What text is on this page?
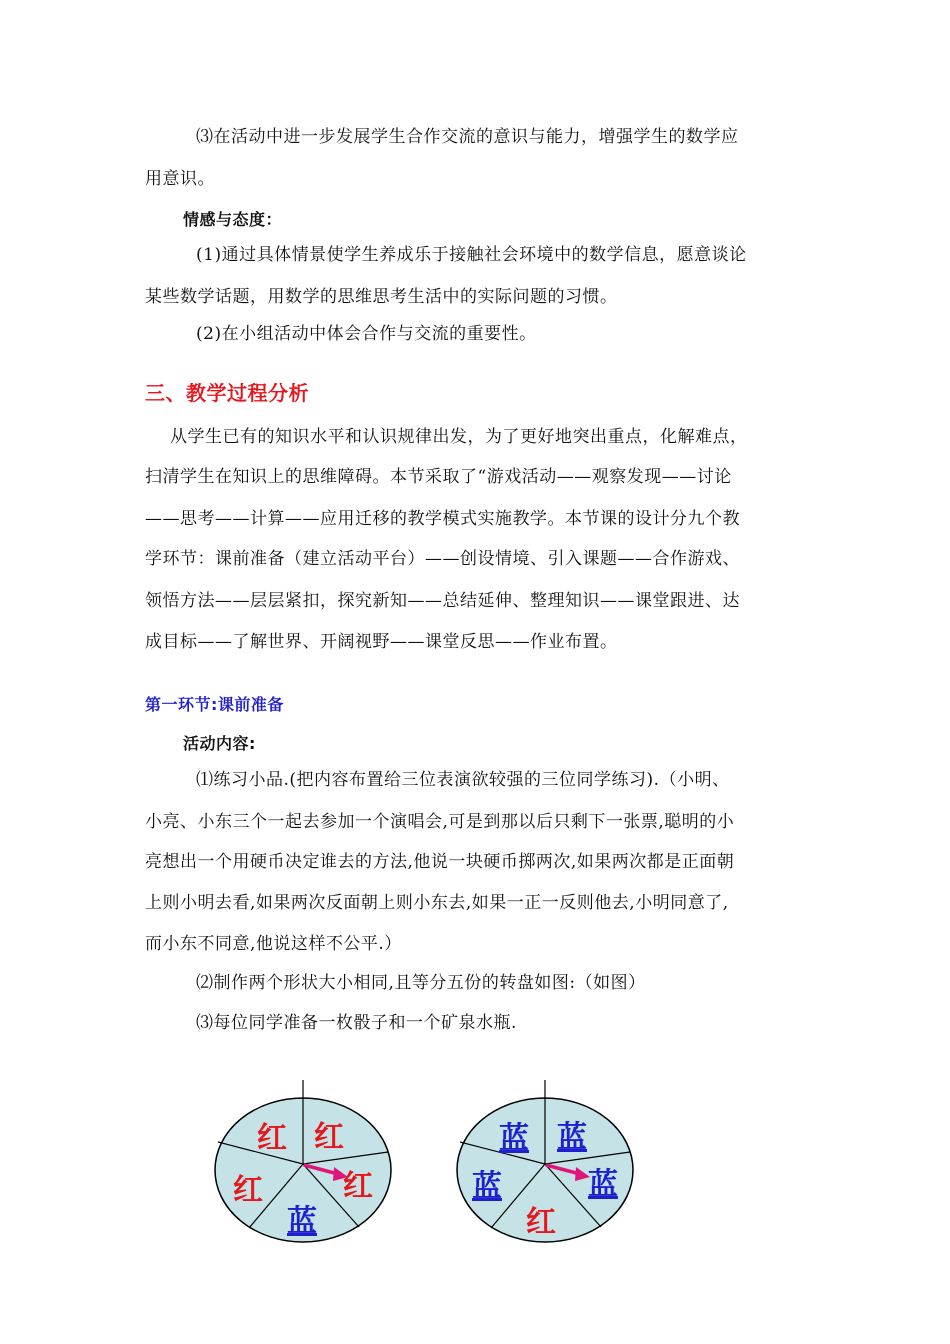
⑶在活动中进一步发展学生合作交流的意识与能力，增强学生的数学应
用意识。
情感与态度：
(1)通过具体情景使学生养成乐于接触社会环境中的数学信息，愿意谈论
某些数学话题，用数学的思维思考生活中的实际问题的习惯。
(2)在小组活动中体会合作与交流的重要性。
三、教学过程分析
从学生已有的知识水平和认识规律出发，为了更好地突出重点，化解难点，
扫清学生在知识上的思维障碍。本节采取了“游戏活动——观察发现——讨论
——思考——计算——应用迁移的教学模式实施教学。本节课的设计分九个教
学环节：课前准备（建立活动平台）——创设情境、引入课题——合作游戏、
领悟方法——层层紧扣，探究新知——总结延伸、整理知识——课堂跟进、达
成目标——了解世界、开阔视野——课堂反思——作业布置。
第一环节:课前准备
活动内容:
⑴练习小品.(把内容布置给三位表演欲较强的三位同学练习).（小明、
小亮、小东三个一起去参加一个演唱会,可是到那以后只剩下一张票,聪明的小
亮想出一个用硬币决定谁去的方法,他说一块硬币掷两次,如果两次都是正面朝
上则小明去看,如果两次反面朝上则小东去,如果一正一反则他去,小明同意了,
而小东不同意,他说这样不公平.）
⑵制作两个形状大小相同,且等分五份的转盘如图:（如图）
⑶每位同学准备一枚骰子和一个矿泉水瓶.
红 红
红	红
蓝
蓝 蓝
蓝	蓝
红
